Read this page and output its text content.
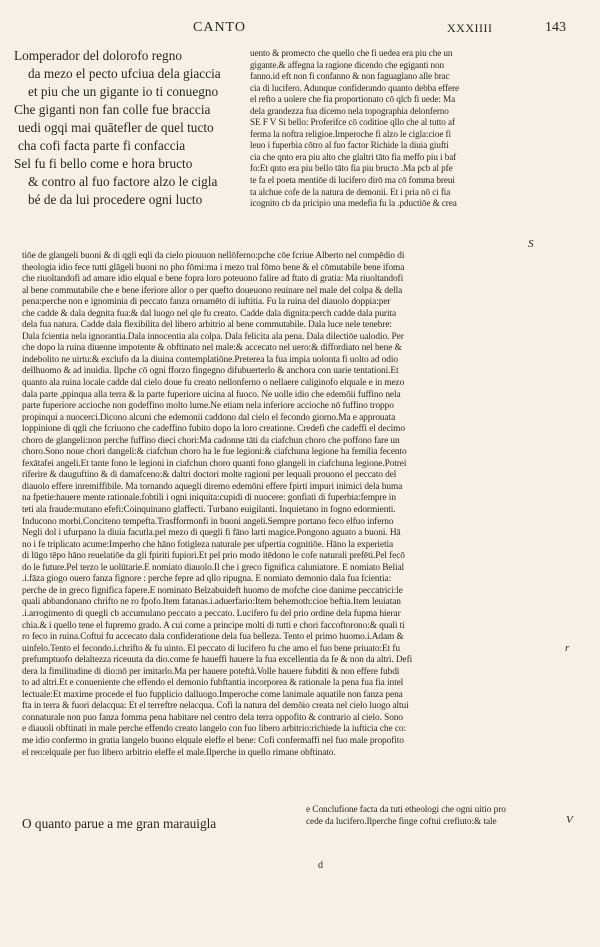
CANTO	XXXIIII	143
Lomperador del dolorofo regno
da mezo el pecto ufciua dela giaccia
et piu che un gigante io ti conuegno
Che giganti non fan colle fue braccia
uedi ogqi mai quātefler de quel tucto
cha cofi facta parte fi confaccia
Sel fu fi bello come e hora bructo
& contro al fuo factore alzo le cigla
bé de da lui procedere ogni lucto
uento & promecto che quello che fi uedea era piu che un
gigante.& affegna la ragione dicendo che egiganti non
fanno.id eft non fi confanno & non faguaglano alle brac
cia di lucifero. Adunque confiderando quanto debba effere
el refto a uolere che fia proportionato cō qlcb fi uede: Ma
dela grandezza fua dicemo nela topographia delonferno
SE F V Si bello: Proferifce cō coditioe qllo che al tutto af
ferma la noftra religioe.Imperoche fi alzo le cigla:cioe fi
leuo i fuperbia cōtro al fuo factor Richide la diuia giufti
cia che qnto era piu alto che glaltri tāto fia meffo piu i baf
fo:Et qnto era piu bello tāto fia piu bructo .Ma pcb al pfe
te fa el poeta mentiōe di lucifero dirō ma cō fomma breui
ta alchue cofe de la natura de demonii. Et i pria nō ci fia
icognito cb da pricipio una medefia fu la .pductiōe & crea
tiōe de glangeli buoni & di qgli eqli da cielo piouuon nellōferno:pche cōe fcriue Alberto nel compēdio di
theologia idio fece tutti glāgeli buoni no pho fōmi:ma i mezo tral fōmo bene & el cōmutabile bene ifoma
che riuoltandofi ad amare idio elqual e bene fopra loro poteuono falire ad ftato di gratia: Ma riuoltandofi
al bene commutabile che e bene iferiore allor o per quefto doueuono reuinare nel male del colpa & della
pena:perche non e ignominia di peccato fanza ornamēto di iuftitia. Fu la ruina del diauolo doppia:per
che cadde & dala degnita fua:& dal luogo nel qle fu creato. Cadde dala dignita:perch cadde dala purita
dela fua natura. Cadde dala flexibilita del libero arbitrio al bene commutabile. Dala luce nele tenebre:
Dala fcientia nela ignorantia.Dala innocentia ala colpa. Dala felicita ala pena. Dala dilectiōe ualodio. Per
che dopo la ruina diuenne impotente & obftinato nel male:& accecato nel uero:& diffordiato nel bene &
indebolito ne uirtu:& exclufo da la diuina contemplatiōne.Preterea la fua impia uolonta fi uolto ad odio
dellhuomo & ad inuidia. Ilpche cō ogni fforzo fingegno difubuerterlo & anchora con uarie tentationi.Et
quanto ala ruina locale cadde dal cielo doue fu creato nellonferno o nellaere caliginofo elquale e in mezo
dala parte ,ppinqua alla terra & la parte fuperiore uicina al fuoco. Ne uolle idio che edemōii fuffino nela
parte fuperiore accioche non godeffino molto lume.Ne etiam nela inferiore accioche nō fuffino troppo
propinqui a nuocerci.Dicono alcuni che edemonii caddono dal cielo el fecondo giorno.Ma e approuata
loppinione di qgli che fcriuono che cadeffino fubito dopo la loro creatione. Credefi che cadeffi el decimo
choro de glangeli:non perche fuffino dieci chori:Ma cadonne tāti da ciafchun choro che poffono fare un
choro.Sono noue chori dangeli:& ciafchun choro ha le fue legioni:& ciafchuna legione ha femilia fecento
fexātafei angeli.Et tante fono le legioni in ciafchun choro quanti fono glangeli in ciafchuna legione.Potrei
riferire & dauguftino & di damafceno:& daltri doctori molte ragioni per lequali prouono el peccato del
diauolo effere inremiffibile. Ma tornando aquegli diremo edemōni effere fpirti impuri inimici dela huma
na fpetie:hauere mente rationale.fobtili i ogni iniquita:cupidi di nuocere: gonfiati di fuperbia:fempre in
teti ala fraude:mutano efefi:Coinquinano glaffecti. Turbano euigilanti. Inquietano in fogno edormienti.
Inducono morbi.Conciteno tempefta.Trasfformonfi in buoni angeli.Sempre portano feco elfuo inferno
Negli dol i ufurpano la diuia facutla.pel mezo di quegli fi fāno larti magice.Pongono aguato a buoni. Hā
no i fe triplicato acume:Imperho che hāno fotigleza naturale per ufpertia cognitiōe. Hāno la experietia
di lūgo tēpo hāno reuelatiōe da gli fpiriti fupiori.Et pel prio modo itēdono le cofe naturali prefēti.Pel fecō
do le future.Pel terzo le uolūtarie.E nomiato diauolo.Il che i greco fignifica caluniatore. E nomiato Belial
.i.fāza giogo ouero fanza fignore : perche fepre ad qllo ripugna. E nomiato demonio dala fua fcientia:
perche de in greco fignifica fapere.E nominato Belzabuideft huomo de mofche cioe danime peccatrici:le
quali abbandonano chrifto ne ro fpofo.Item fatanas.i.aduerfario:Item behemoth:cioe beftia.Item leuiatan
.i.arrogimento di quegli cb accumulano peccato a peccato. Lucifero fu del prio ordine dela fupma hierar
chia.& i quello tene el fupremo grado. A cui come a principe molti di tutti e chori faccoftorono:& quali ti
ro feco in ruina.Coftui fu accecato dala confideratione dela fua belleza. Tento el primo huomo.i.Adam &
uinfelo.Tento el fecondo.i.chrifto & fu uinto. El peccato di lucifero fu che amo el fuo bene priuato:Et fu
prefumptuofo delaltezza riceuuta da dio.come fe haueffi hauere la fua excellentia da fe & non da altri. Defi
dera la fimilitudine di dio:nō per imitarlo.Ma per hauere poteftà.Volle hauere fubditi & non effere fubdi
to ad altri.Et e conueniente che effendo el demonio fubftantia incorporea & rationale la pena fua fia intel
lectuale:Et maxime procede el fuo fupplicio dalluogo.Imperoche come lanimale aquatile non fanza pena
fta in terra & fuori delacqua: Et el terreftre nelacqua. Cofi la natura del demōio creata nel cielo luogo altui
connaturale non puo fanza fomma pena habitare nel centro dela terra oppofito & contrario al cielo. Sono
e diauoli obftinati in male perche effendo creato langelo con fuo libero arbitrio:richiede la iufticia che co:
me idio confermo in gratia langelo buono elquale eleffe el bene: Cofi confermaffi nel fuo male propofito
el reo:elquale per fuo libero arbitrio eleffe el male.Ilperche in quello rimane obftinato.
S
r
V
O quanto parue a me gran marauigla
e Conclufione facta da tuti etheologi che ogni uitio pro
cede da lucifero.Ilperche finge coftui crefiuto:& tale
d
